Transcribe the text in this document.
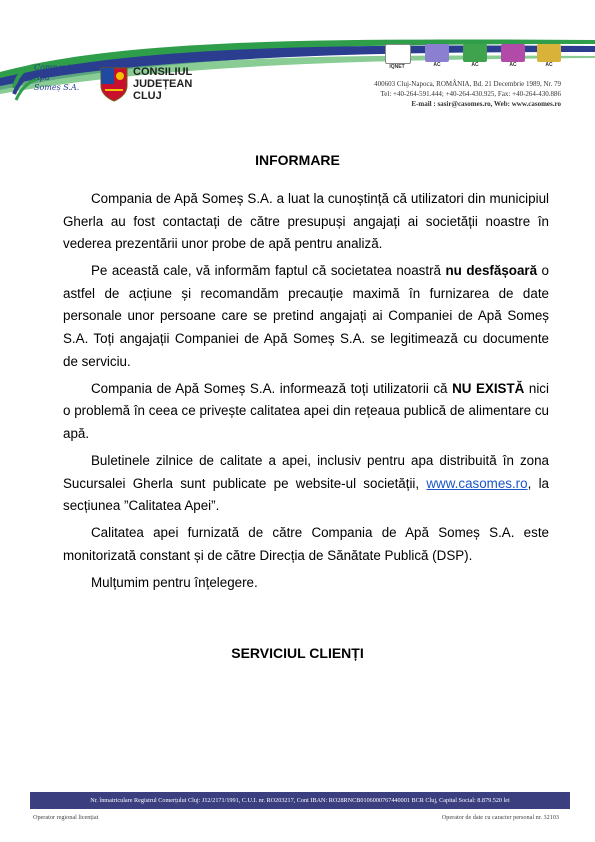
Compania de Apă
Someș S.A.
CONSILIUL
JUDEȚEAN
CLUJ
IQNET	AC	AC	AC	AC
400603 Cluj-Napoca, ROMÂNIA, Bd. 21 Decembrie 1989, Nr. 79
Tel: +40-264-591.444; +40-264-430.925, Fax: +40-264-430.886
E-mail : sasir@casomes.ro, Web: www.casomes.ro
INFORMARE

Compania de Apă Someș S.A. a luat la cunoștință că utilizatori din municipiul Gherla au fost contactați de către presupuși angajați ai societății noastre în vederea prezentării unor probe de apă pentru analiză.

Pe această cale, vă informăm faptul că societatea noastră nu desfășoară o astfel de acțiune și recomandăm precauție maximă în furnizarea de date personale unor persoane care se pretind angajați ai Companiei de Apă Someș S.A. Toți angajații Companiei de Apă Someș S.A. se legitimează cu documente de serviciu.

Compania de Apă Someș S.A. informează toți utilizatorii că NU EXISTĂ nici o problemă în ceea ce privește calitatea apei din rețeaua publică de alimentare cu apă.

Buletinele zilnice de calitate a apei, inclusiv pentru apa distribuită în zona Sucursalei Gherla sunt publicate pe website-ul societății, www.casomes.ro, la secțiunea ”Calitatea Apei”.

Calitatea apei furnizată de către Compania de Apă Someș S.A. este monitorizată constant și de către Direcția de Sănătate Publică (DSP).

Mulțumim pentru înțelegere.

SERVICIUL CLIENȚI
Nr. înmatriculare Registrul Comerțului Cluj: J12/2171/1991, C.U.I. nr. RO203217, Cont IBAN: RO28RNCB0106000767440001 BCR Cluj, Capital Social: 8.879.520 lei
Operator regional licențiat	Operator de date cu caracter personal nr. 32103
